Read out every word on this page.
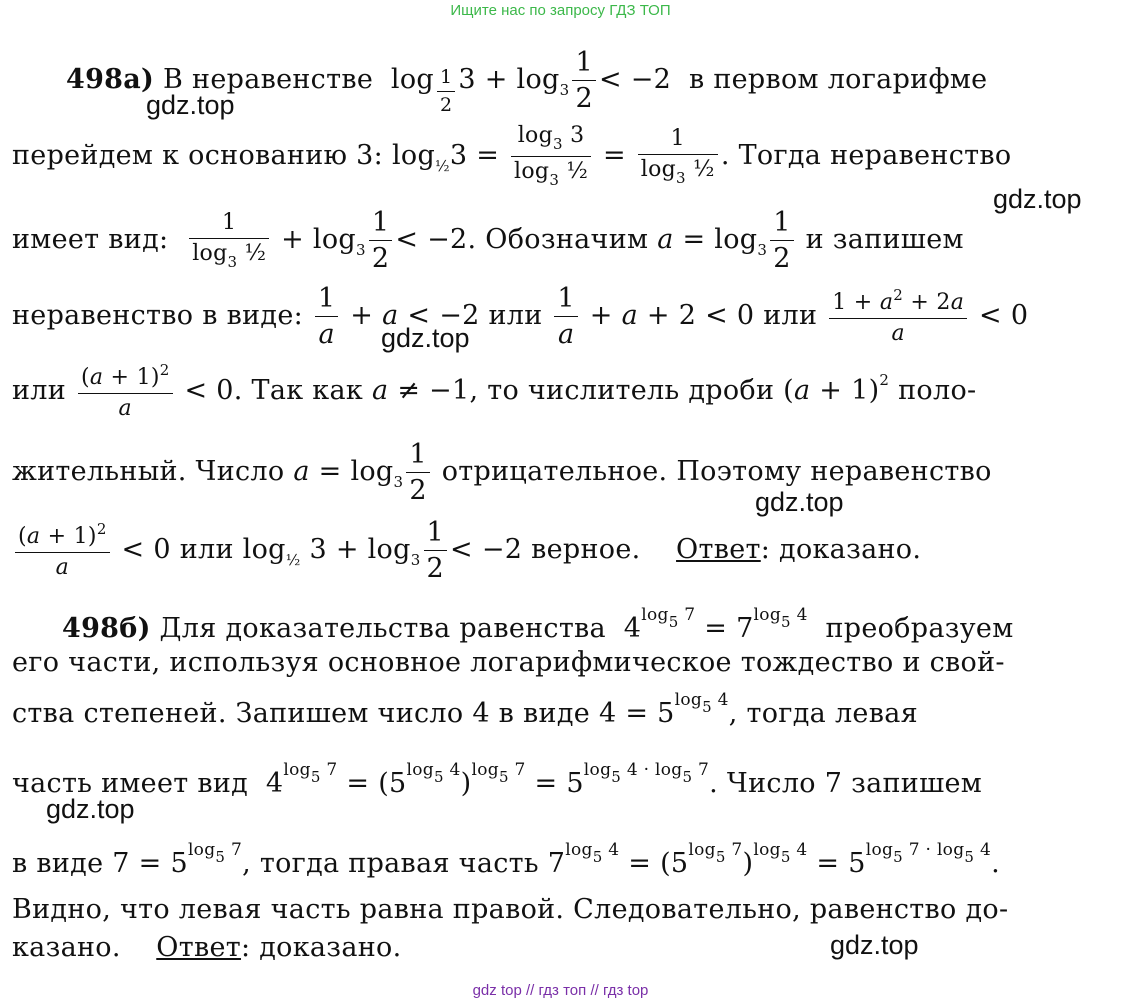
Ищите нас по запросу ГДЗ ТОП
gdz.top
gdz.top
gdz.top
gdz.top
gdz.top
gdz.top
498а) В неравенстве  log $_{\frac{1}{2}}$ $3 + \log_3 \frac{1}{2} < -2$  в первом логарифме
перейдем к основанию 3: $\log_{\frac{1}{2}}3 = \frac{\log_3 3}{\log_3 \frac{1}{2}} = \frac{1}{\log_3 \frac{1}{2}}$ . Тогда неравенство
имеет вид: $\frac{1}{\log_3 \frac{1}{2}} + \log_3 \frac{1}{2} < -2$. Обозначим $a = \log_3 \frac{1}{2}$ и запишем
неравенство в виде: $\frac{1}{a} + a < -2$ или $\frac{1}{a} + a + 2 < 0$ или $\frac{1 + a^2 + 2a}{a} < 0$
или $\frac{(a + 1)^2}{a} < 0$. Так как a ≠ −1, то числитель дроби $(a + 1)^2$ поло-
жительный. Число $a = \log_3 \frac{1}{2}$ отрицательное. Поэтому неравенство
$\frac{(a + 1)^2}{a} < 0$ или $\log_{\frac{1}{2}} 3 + \log_3 \frac{1}{2} < -2$ верное. Ответ: доказано.
498б) Для доказательства равенства  $4^{log_5 7} = 7^{log_5 4}$ преобразуем
его части, используя основное логарифмическое тождество и свой-
ства степеней. Запишем число 4 в виде $4 = 5^{log_5 4}$, тогда левая
часть имеет вид  $4^{log_5 7} = (5^{log_5 4})^{log_5 7} = 5^{log_5 4 \cdot log_5 7}$. Число 7 запишем
в виде $7 = 5^{log_5 7}$, тогда правая часть $7^{log_5 4} = (5^{log_5 7})^{log_5 4} = 5^{log_5 7 \cdot log_5 4}$.
Видно, что левая часть равна правой. Следовательно, равенство до-
казано. Ответ: доказано.
gdz top // гдз топ // гдз top
